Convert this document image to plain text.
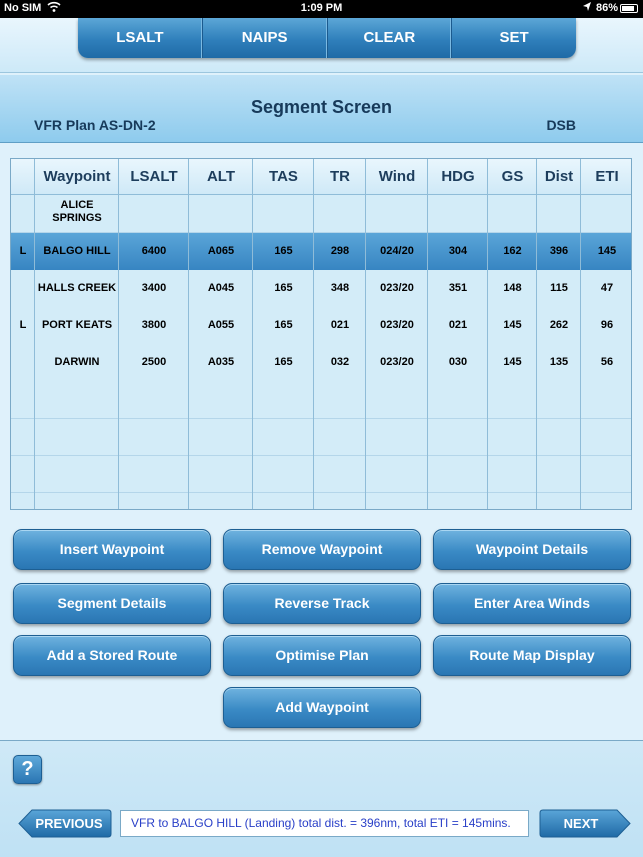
No SIM	1:09 PM	86%
LSALT	NAIPS	CLEAR	SET
Segment Screen
VFR Plan AS-DN-2	DSB
Waypoint	LSALT	ALT	TAS	TR	Wind	HDG	GS	Dist	ETI
ALICE
SPRINGS
L	BALGO HILL	6400	A065	165	298	024/20	304	162	396	145
HALLS CREEK	3400	A045	165	348	023/20	351	148	115	47
L	PORT KEATS	3800	A055	165	021	023/20	021	145	262	96
DARWIN	2500	A035	165	032	023/20	030	145	135	56
Insert Waypoint	Remove Waypoint	Waypoint Details
Segment Details	Reverse Track	Enter Area Winds
Add a Stored Route	Optimise Plan	Route Map Display
Add Waypoint
?
PREVIOUS	VFR to BALGO HILL (Landing) total dist. = 396nm, total ETI = 145mins.	NEXT
